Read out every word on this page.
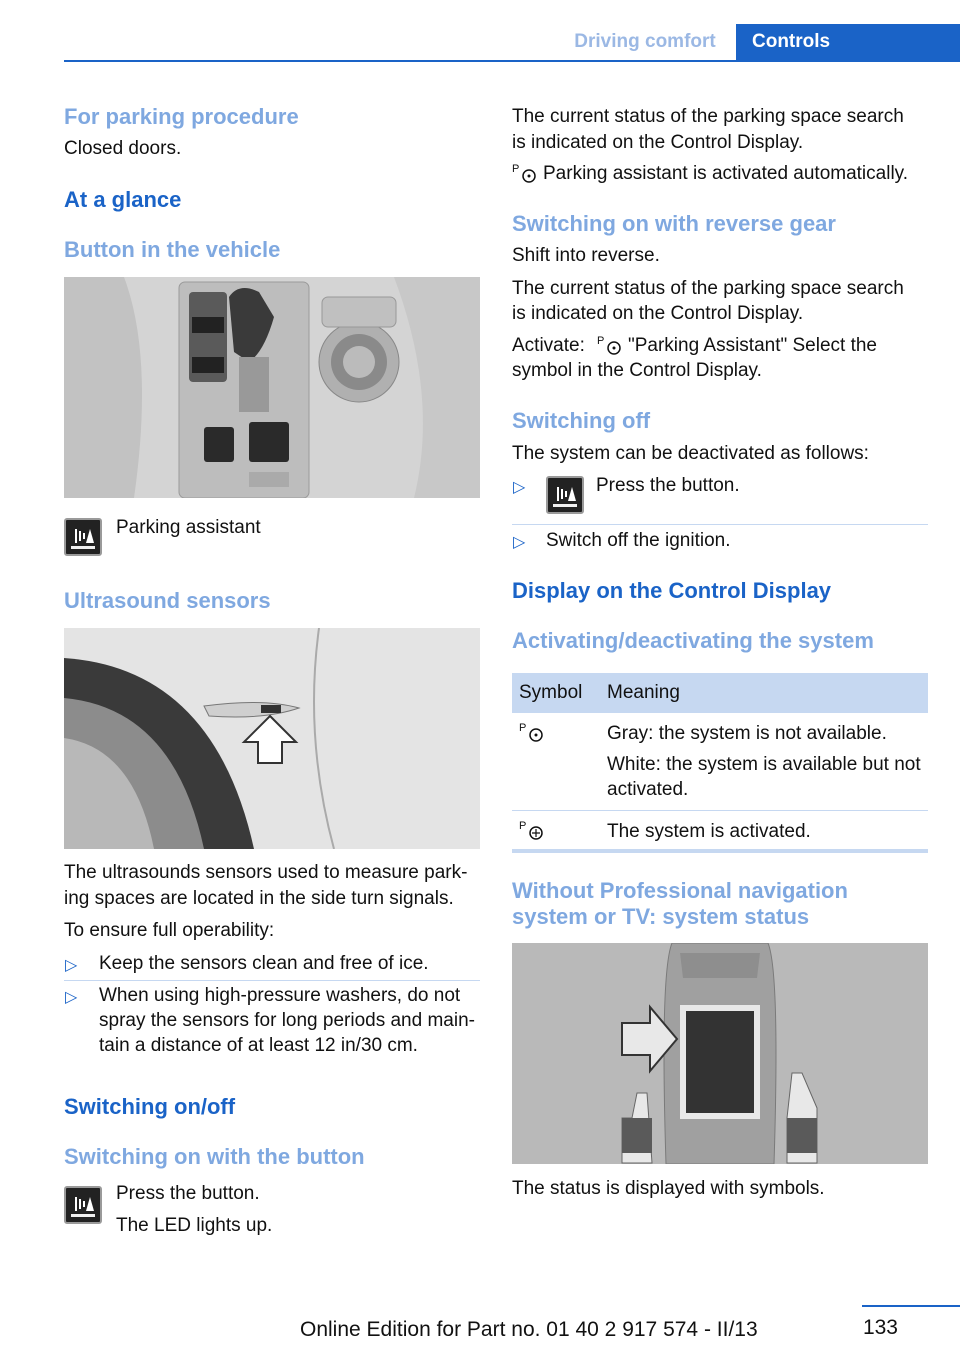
Driving comfort	Controls
For parking procedure
Closed doors.
At a glance
Button in the vehicle
Parking assistant
Ultrasound sensors
The ultrasounds sensors used to measure park‐
ing spaces are located in the side turn signals.
To ensure full operability:
▷ Keep the sensors clean and free of ice.
▷ When using high-pressure washers, do not
spray the sensors for long periods and main‐
tain a distance of at least 12 in/30 cm.
Switching on/off
Switching on with the button
Press the button.
The LED lights up.
The current status of the parking space search
is indicated on the Control Display.
P Parking assistant is activated automatically.
Switching on with reverse gear
Shift into reverse.
The current status of the parking space search
is indicated on the Control Display.
Activate: P "Parking Assistant" Select the
symbol in the Control Display.
Switching off
The system can be deactivated as follows:
▷	Press the button.
▷ Switch off the ignition.
Display on the Control Display
Activating/deactivating the system
Symbol	Meaning

P	Gray: the system is not available.
White: the system is available but not
activated.

P	The system is activated.
Without Professional navigation
system or TV: system status
The status is displayed with symbols.
133
Online Edition for Part no. 01 40 2 917 574 - II/13
